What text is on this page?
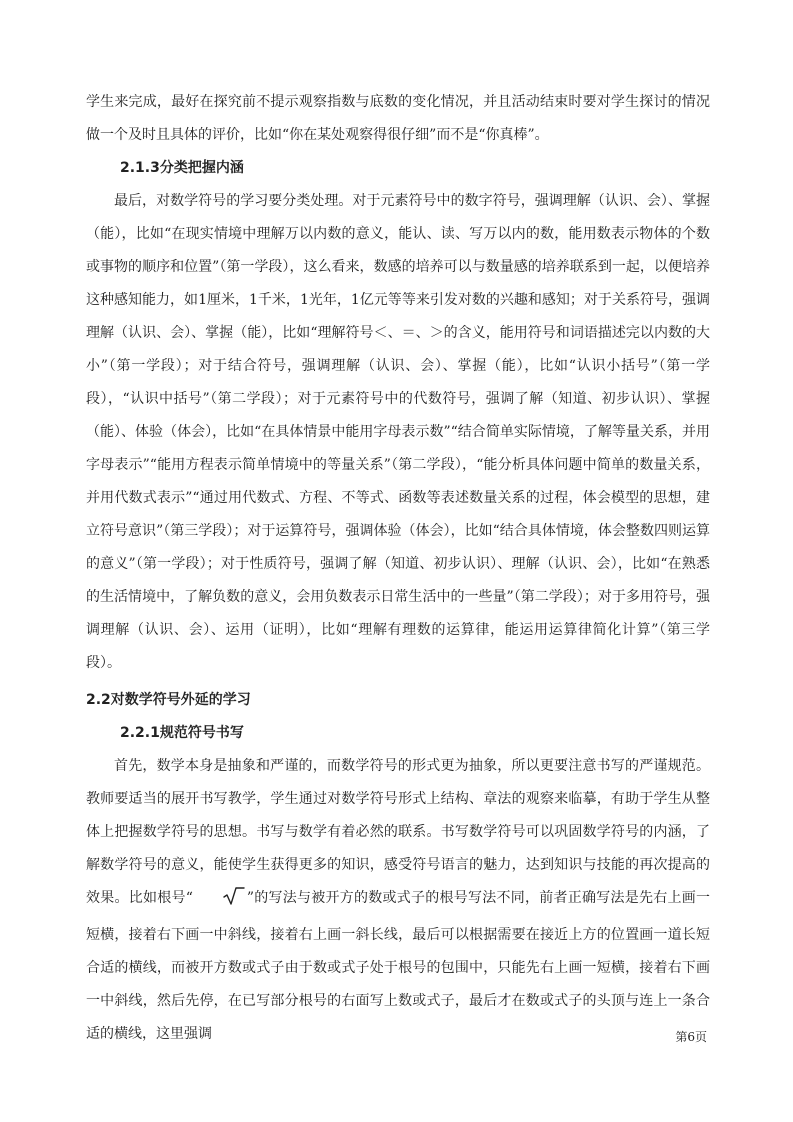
学生来完成，最好在探究前不提示观察指数与底数的变化情况，并且活动结束时要对学生探讨的情况做一个及时且具体的评价，比如“你在某处观察得很仔细”而不是“你真棒”。

2.1.3分类把握内涵

最后，对数学符号的学习要分类处理。对于元素符号中的数字符号，强调理解（认识、会）、掌握（能），比如“在现实情境中理解万以内数的意义，能认、读、写万以内的数，能用数表示物体的个数或事物的顺序和位置”（第一学段），这么看来，数感的培养可以与数量感的培养联系到一起，以便培养这种感知能力，如1厘米，1千米，1光年，1亿元等等来引发对数的兴趣和感知；对于关系符号，强调理解（认识、会）、掌握（能），比如“理解符号＜、＝、＞的含义，能用符号和词语描述完以内数的大小”（第一学段）；对于结合符号，强调理解（认识、会）、掌握（能），比如“认识小括号”（第一学段），“认识中括号”（第二学段）；对于元素符号中的代数符号，强调了解（知道、初步认识）、掌握（能）、体验（体会），比如“在具体情景中能用字母表示数”“结合简单实际情境，了解等量关系，并用字母表示”“能用方程表示简单情境中的等量关系”（第二学段），“能分析具体问题中简单的数量关系，并用代数式表示”“通过用代数式、方程、不等式、函数等表述数量关系的过程，体会模型的思想，建立符号意识”（第三学段）；对于运算符号，强调体验（体会），比如“结合具体情境，体会整数四则运算的意义”（第一学段）；对于性质符号，强调了解（知道、初步认识）、理解（认识、会），比如“在熟悉的生活情境中，了解负数的意义，会用负数表示日常生活中的一些量”（第二学段）；对于多用符号，强调理解（认识、会）、运用（证明），比如“理解有理数的运算律，能运用运算律简化计算”（第三学段）。

2.2对数学符号外延的学习

2.2.1规范符号书写

首先，数学本身是抽象和严谨的，而数学符号的形式更为抽象，所以更要注意书写的严谨规范。教师要适当的展开书写教学，学生通过对数学符号形式上结构、章法的观察来临摹，有助于学生从整体上把握数学符号的思想。书写与数学有着必然的联系。书写数学符号可以巩固数学符号的内涵，了解数学符号的意义，能使学生获得更多的知识，感受符号语言的魅力，达到知识与技能的再次提高的效果。比如根号“	”的写法与被开方的数或式子的根号写法不同，前者正确写法是先右上画一短横，接着右下画一中斜线，接着右上画一斜长线，最后可以根据需要在接近上方的位置画一道长短合适的横线，而被开方数或式子由于数或式子处于根号的包围中，只能先右上画一短横，接着右下画一中斜线，然后先停，在已写部分根号的右面写上数或式子，最后才在数或式子的头顶与连上一条合适的横线，这里强调	第6页
